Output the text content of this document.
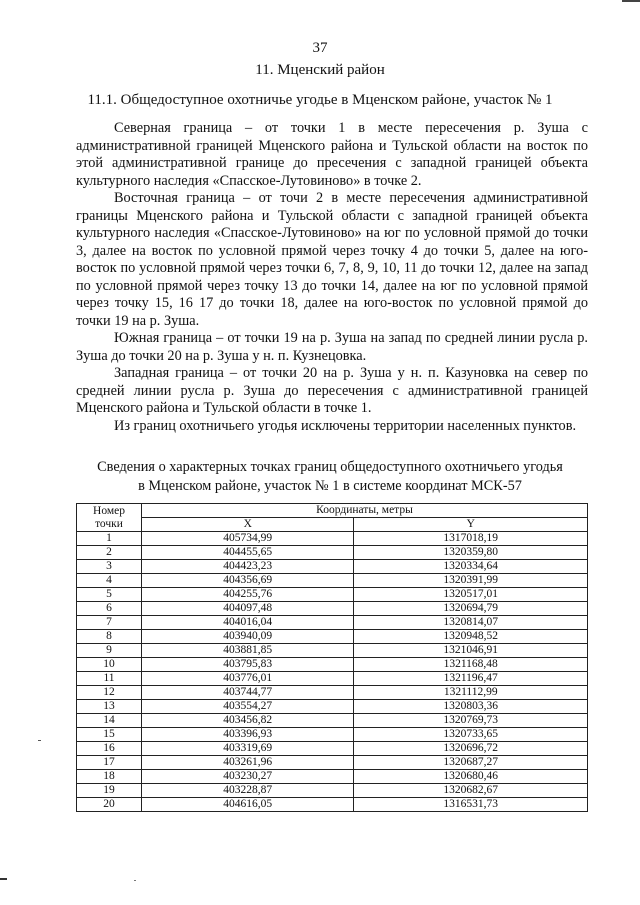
37
11. Мценский район
11.1. Общедоступное охотничье угодье в Мценском районе, участок № 1

Северная граница – от точки 1 в месте пересечения р. Зуша с административной границей Мценского района и Тульской области на восток по этой административной границе до пресечения с западной границей объекта культурного наследия «Спасское-Лутовиново» в точке 2.

Восточная граница – от точи 2 в месте пересечения административной границы Мценского района и Тульской области с западной границей объекта культурного наследия «Спасское-Лутовиново» на юг по условной прямой до точки 3, далее на восток по условной прямой через точку 4 до точки 5, далее на юго-восток по условной прямой через точки 6, 7, 8, 9, 10, 11 до точки 12, далее на запад по условной прямой через точку 13 до точки 14, далее на юг по условной прямой через точку 15, 16 17 до точки 18, далее на юго-восток по условной прямой до точки 19 на р. Зуша.

Южная граница – от точки 19 на р. Зуша на запад по средней линии русла р. Зуша до точки 20 на р. Зуша у н. п. Кузнецовка.

Западная граница – от точки 20 на р. Зуша у н. п. Казуновка на север по средней линии русла р. Зуша до пересечения с административной границей Мценского района и Тульской области в точке 1.

Из границ охотничьего угодья исключены территории населенных пунктов.

Сведения о характерных точках границ общедоступного охотничьего угодья
в Мценском районе, участок № 1 в системе координат МСК-57
Номер
точки	Координаты, метры	
	X	Y
1	405734,99	1317018,19
2	404455,65	1320359,80
3	404423,23	1320334,64
4	404356,69	1320391,99
5	404255,76	1320517,01
6	404097,48	1320694,79
7	404016,04	1320814,07
8	403940,09	1320948,52
9	403881,85	1321046,91
10	403795,83	1321168,48
11	403776,01	1321196,47
12	403744,77	1321112,99
13	403554,27	1320803,36
14	403456,82	1320769,73
15	403396,93	1320733,65
16	403319,69	1320696,72
17	403261,96	1320687,27
18	403230,27	1320680,46
19	403228,87	1320682,67
20	404616,05	1316531,73
